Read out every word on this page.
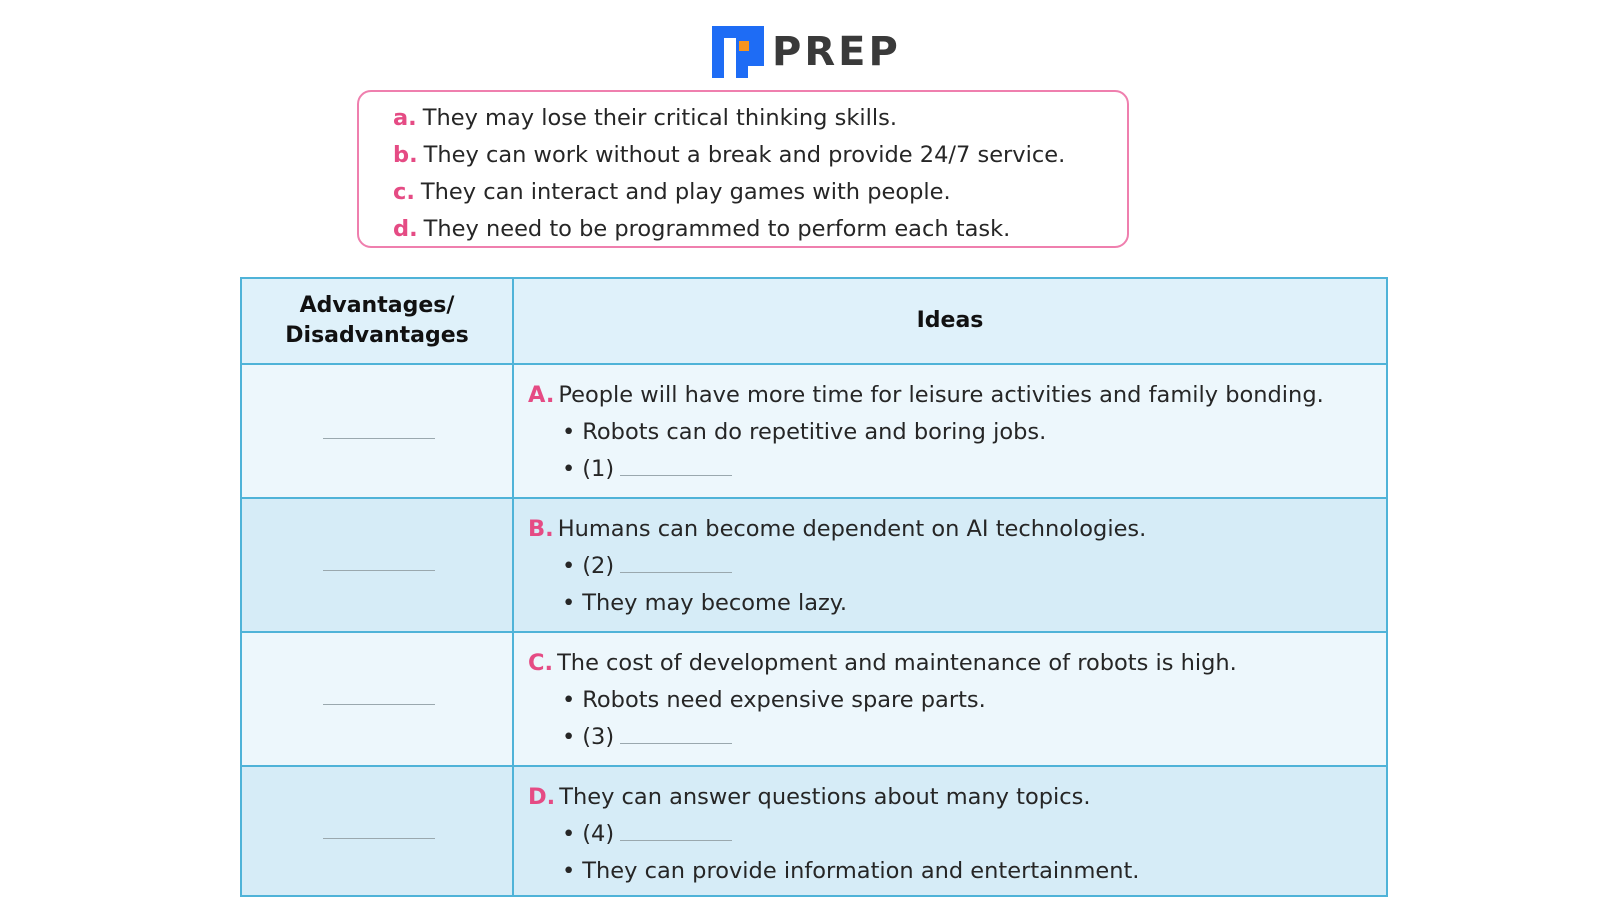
PREP
a. They may lose their critical thinking skills.
b. They can work without a break and provide 24/7 service.
c. They can interact and play games with people.
d. They need to be programmed to perform each task.
Advantages/
Disadvantages
Ideas
A. People will have more time for leisure activities and family bonding.
• Robots can do repetitive and boring jobs.
• (1)
B. Humans can become dependent on AI technologies.
• (2)
• They may become lazy.
C. The cost of development and maintenance of robots is high.
• Robots need expensive spare parts.
• (3)
D. They can answer questions about many topics.
• (4)
• They can provide information and entertainment.
